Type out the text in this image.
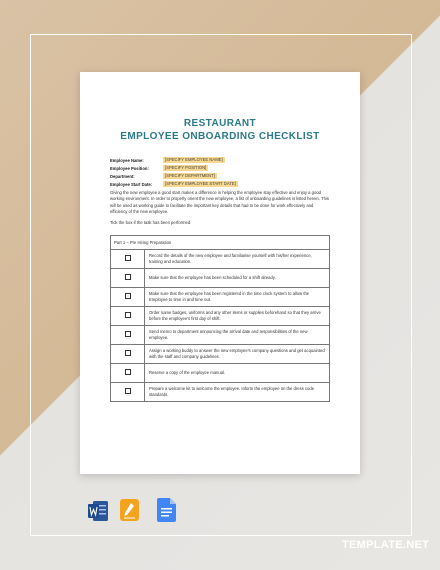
RESTAURANT
EMPLOYEE ONBOARDING CHECKLIST
Employee Name:	[SPECIFY EMPLOYEE NAME]
Employee Position:	[SPECIFY POSITION]
Department:	[SPECIFY DEPARTMENT]
Employee Start Date:	[SPECIFY EMPLOYEE START DATE]
Giving the new employee a good start makes a difference in helping the employee stay effective and enjoy a good working environment. In order to properly orient the new employee, a list of onboarding guidelines is listed herein. This will be used as working guide to facilitate the important key details that had to be done for work effectively and efficiency of the new employee.
Tick the box if the task has been performed.
Part 1 – Pre Hiring Preparation	
	Record the details of the new employee and familiarise yourself with his/her experience, training and education.
	Make sure that the employee has been scheduled for a shift already.
	Make sure that the employee has been registered in the time clock system to allow the Employee to time in and time out.
	Order name badges, uniforms and any other items or supplies beforehand so that they arrive before the employee’s first day of shift.
	Send memo to department announcing the arrival date and responsibilities of the new employee.
	Assign a working buddy to answer the new employee’s company questions and get acquainted with the staff and company guidelines.
	Reserve a copy of the employee manual.
	Prepare a welcome kit to welcome the employee. Inform the employee on the dress code standards.
TEMPLATE.NET
